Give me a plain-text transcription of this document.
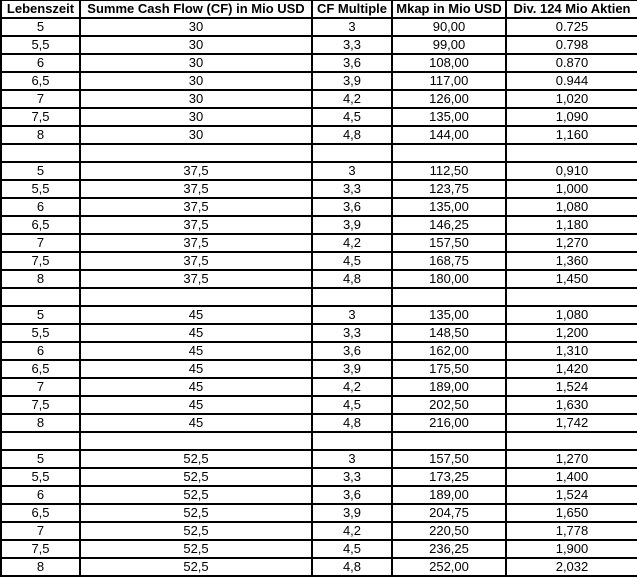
Lebenszeit	Summe Cash Flow (CF) in Mio USD	CF Multiple	Mkap in Mio USD	Div. 124 Mio Aktien
5	30	3	90,00	0.725
5,5	30	3,3	99,00	0.798
6	30	3,6	108,00	0.870
6,5	30	3,9	117,00	0.944
7	30	4,2	126,00	1,020
7,5	30	4,5	135,00	1,090
8	30	4,8	144,00	1,160

5	37,5	3	112,50	0,910
5,5	37,5	3,3	123,75	1,000
6	37,5	3,6	135,00	1,080
6,5	37,5	3,9	146,25	1,180
7	37,5	4,2	157,50	1,270
7,5	37,5	4,5	168,75	1,360
8	37,5	4,8	180,00	1,450

5	45	3	135,00	1,080
5,5	45	3,3	148,50	1,200
6	45	3,6	162,00	1,310
6,5	45	3,9	175,50	1,420
7	45	4,2	189,00	1,524
7,5	45	4,5	202,50	1,630
8	45	4,8	216,00	1,742

5	52,5	3	157,50	1,270
5,5	52,5	3,3	173,25	1,400
6	52,5	3,6	189,00	1,524
6,5	52,5	3,9	204,75	1,650
7	52,5	4,2	220,50	1,778
7,5	52,5	4,5	236,25	1,900
8	52,5	4,8	252,00	2,032
